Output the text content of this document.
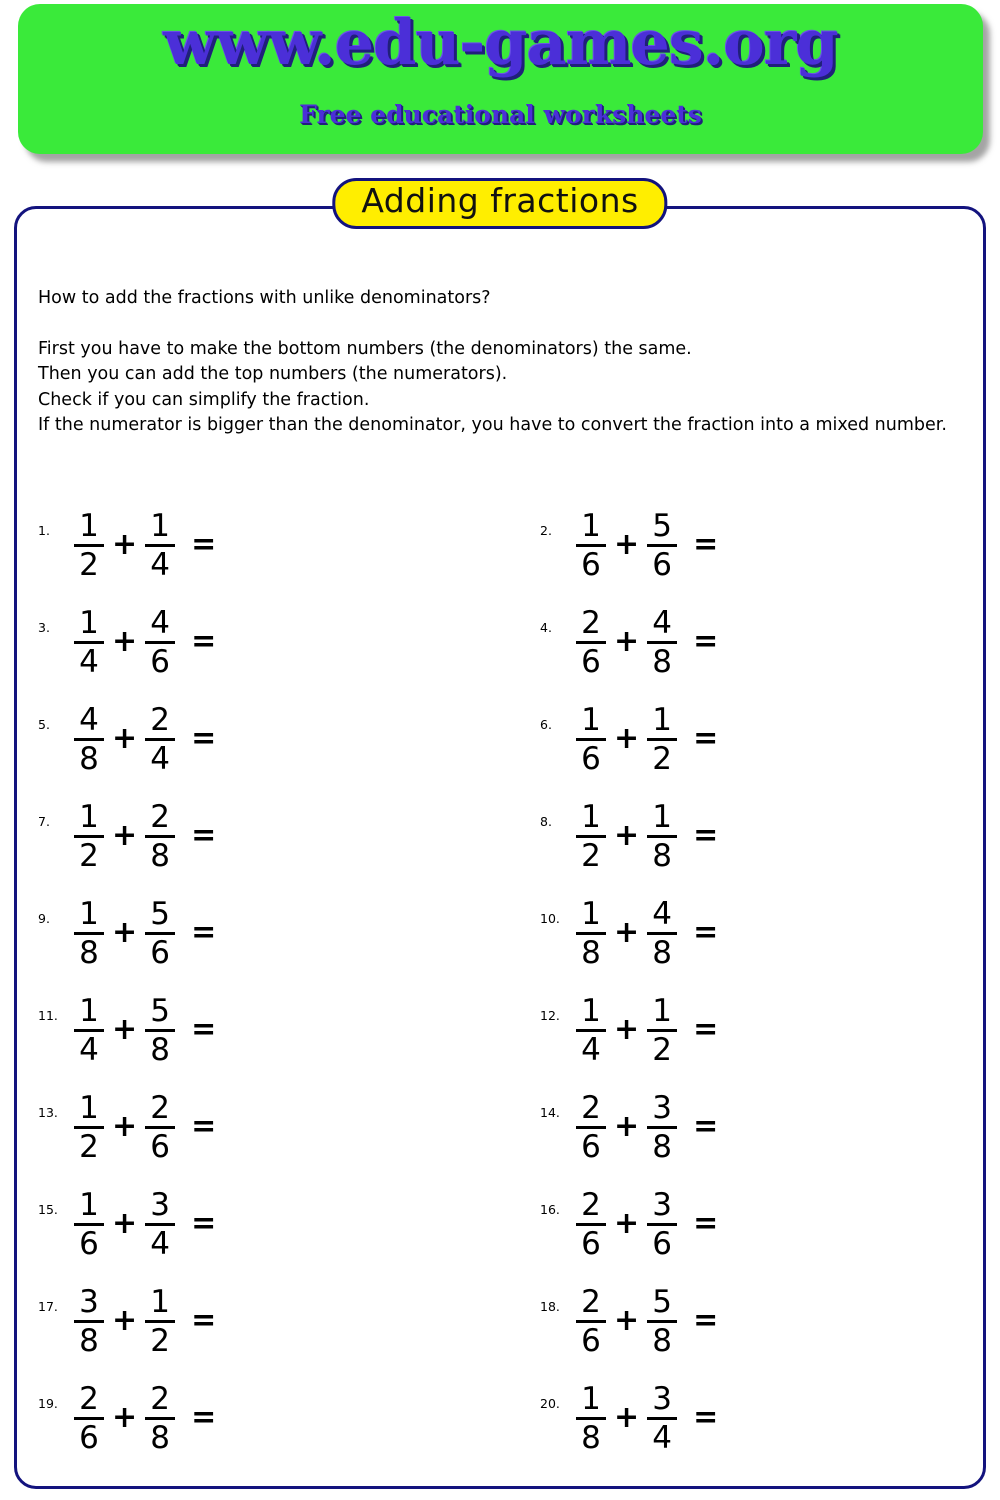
www.edu-games.org
Free educational worksheets
Adding fractions
How to add the fractions with unlike denominators?
First you have to make the bottom numbers (the denominators) the same.
Then you can add the top numbers (the numerators).
Check if you can simplify the fraction.
If the numerator is bigger than the denominator, you have to convert the fraction into a mixed number.
1. $\frac{1}{2} + \frac{1}{4}$ =	2. $\frac{1}{6} + \frac{5}{6}$ =
3. $\frac{1}{4} + \frac{4}{6}$ =	4. $\frac{2}{6} + \frac{4}{8}$ =
5. $\frac{4}{8} + \frac{2}{4}$ =	6. $\frac{1}{6} + \frac{1}{2}$ =
7. $\frac{1}{2} + \frac{2}{8}$ =	8. $\frac{1}{2} + \frac{1}{8}$ =
9. $\frac{1}{8} + \frac{5}{6}$ =	10. $\frac{1}{8} + \frac{4}{8}$ =
11. $\frac{1}{4} + \frac{5}{8}$ =	12. $\frac{1}{4} + \frac{1}{2}$ =
13. $\frac{1}{2} + \frac{2}{6}$ =	14. $\frac{2}{6} + \frac{3}{8}$ =
15. $\frac{1}{6} + \frac{3}{4}$ =	16. $\frac{2}{6} + \frac{3}{6}$ =
17. $\frac{3}{8} + \frac{1}{2}$ =	18. $\frac{2}{6} + \frac{5}{8}$ =
19. $\frac{2}{6} + \frac{2}{8}$ =	20. $\frac{1}{8} + \frac{3}{4}$ =
